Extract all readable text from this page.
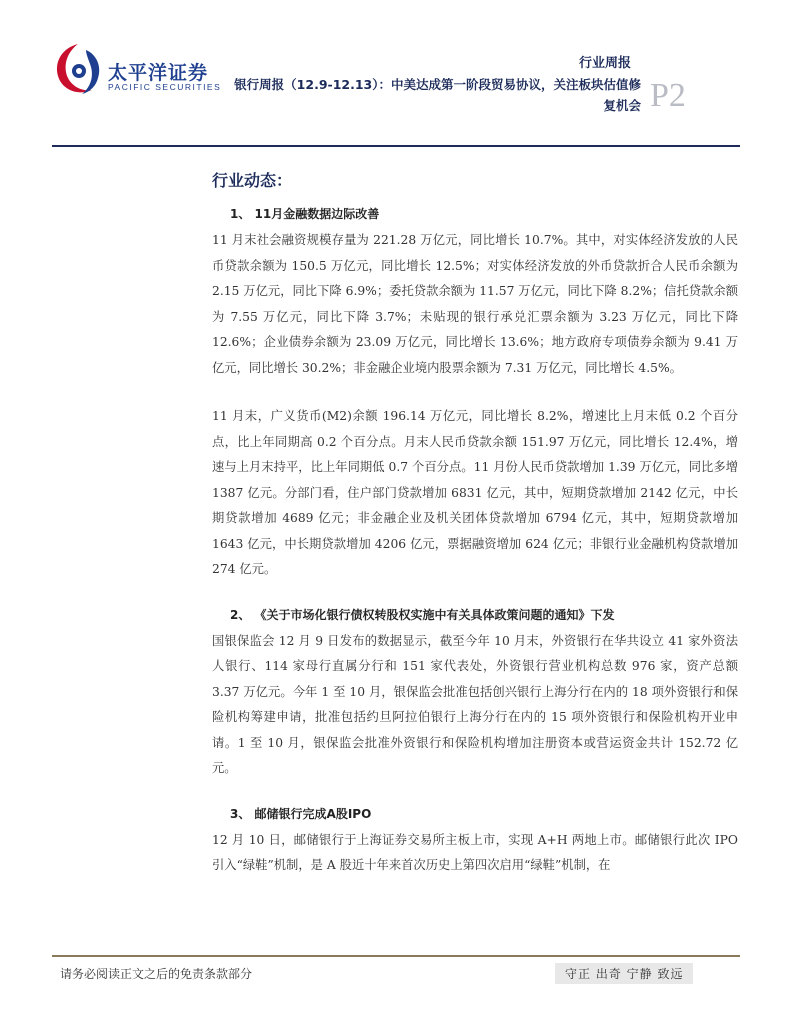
太平洋证券
PACIFIC SECURITIES
行业周报
银行周报（12.9-12.13）：中美达成第一阶段贸易协议，关注板块估值修复机会 P2
行业动态：
1、 11月金融数据边际改善

11 月末社会融资规模存量为 221.28 万亿元，同比增长 10.7%。其中，对实体经济发放的人民币贷款余额为 150.5 万亿元，同比增长 12.5%；对实体经济发放的外币贷款折合人民币余额为 2.15 万亿元，同比下降 6.9%；委托贷款余额为 11.57 万亿元，同比下降 8.2%；信托贷款余额为 7.55 万亿元，同比下降 3.7%；未贴现的银行承兑汇票余额为 3.23 万亿元，同比下降 12.6%；企业债券余额为 23.09 万亿元，同比增长 13.6%；地方政府专项债券余额为 9.41 万亿元，同比增长 30.2%；非金融企业境内股票余额为 7.31 万亿元，同比增长 4.5%。

11 月末，广义货币(M2)余额 196.14 万亿元，同比增长 8.2%，增速比上月末低 0.2 个百分点，比上年同期高 0.2 个百分点。月末人民币贷款余额 151.97 万亿元，同比增长 12.4%，增速与上月末持平，比上年同期低 0.7 个百分点。11 月份人民币贷款增加 1.39 万亿元，同比多增 1387 亿元。分部门看，住户部门贷款增加 6831 亿元，其中，短期贷款增加 2142 亿元，中长期贷款增加 4689 亿元；非金融企业及机关团体贷款增加 6794 亿元，其中，短期贷款增加 1643 亿元，中长期贷款增加 4206 亿元，票据融资增加 624 亿元；非银行业金融机构贷款增加 274 亿元。

2、 《关于市场化银行债权转股权实施中有关具体政策问题的通知》下发

国银保监会 12 月 9 日发布的数据显示，截至今年 10 月末，外资银行在华共设立 41 家外资法人银行、114 家母行直属分行和 151 家代表处，外资银行营业机构总数 976 家，资产总额 3.37 万亿元。今年 1 至 10 月，银保监会批准包括创兴银行上海分行在内的 18 项外资银行和保险机构筹建申请，批准包括约旦阿拉伯银行上海分行在内的 15 项外资银行和保险机构开业申请。1 至 10 月，银保监会批准外资银行和保险机构增加注册资本或营运资金共计 152.72 亿元。

3、 邮储银行完成A股IPO

12 月 10 日，邮储银行于上海证券交易所主板上市，实现 A+H 两地上市。邮储银行此次 IPO 引入“绿鞋”机制，是 A 股近十年来首次历史上第四次启用“绿鞋”机制，在

请务必阅读正文之后的免责条款部分	守正 出奇 宁静 致远
